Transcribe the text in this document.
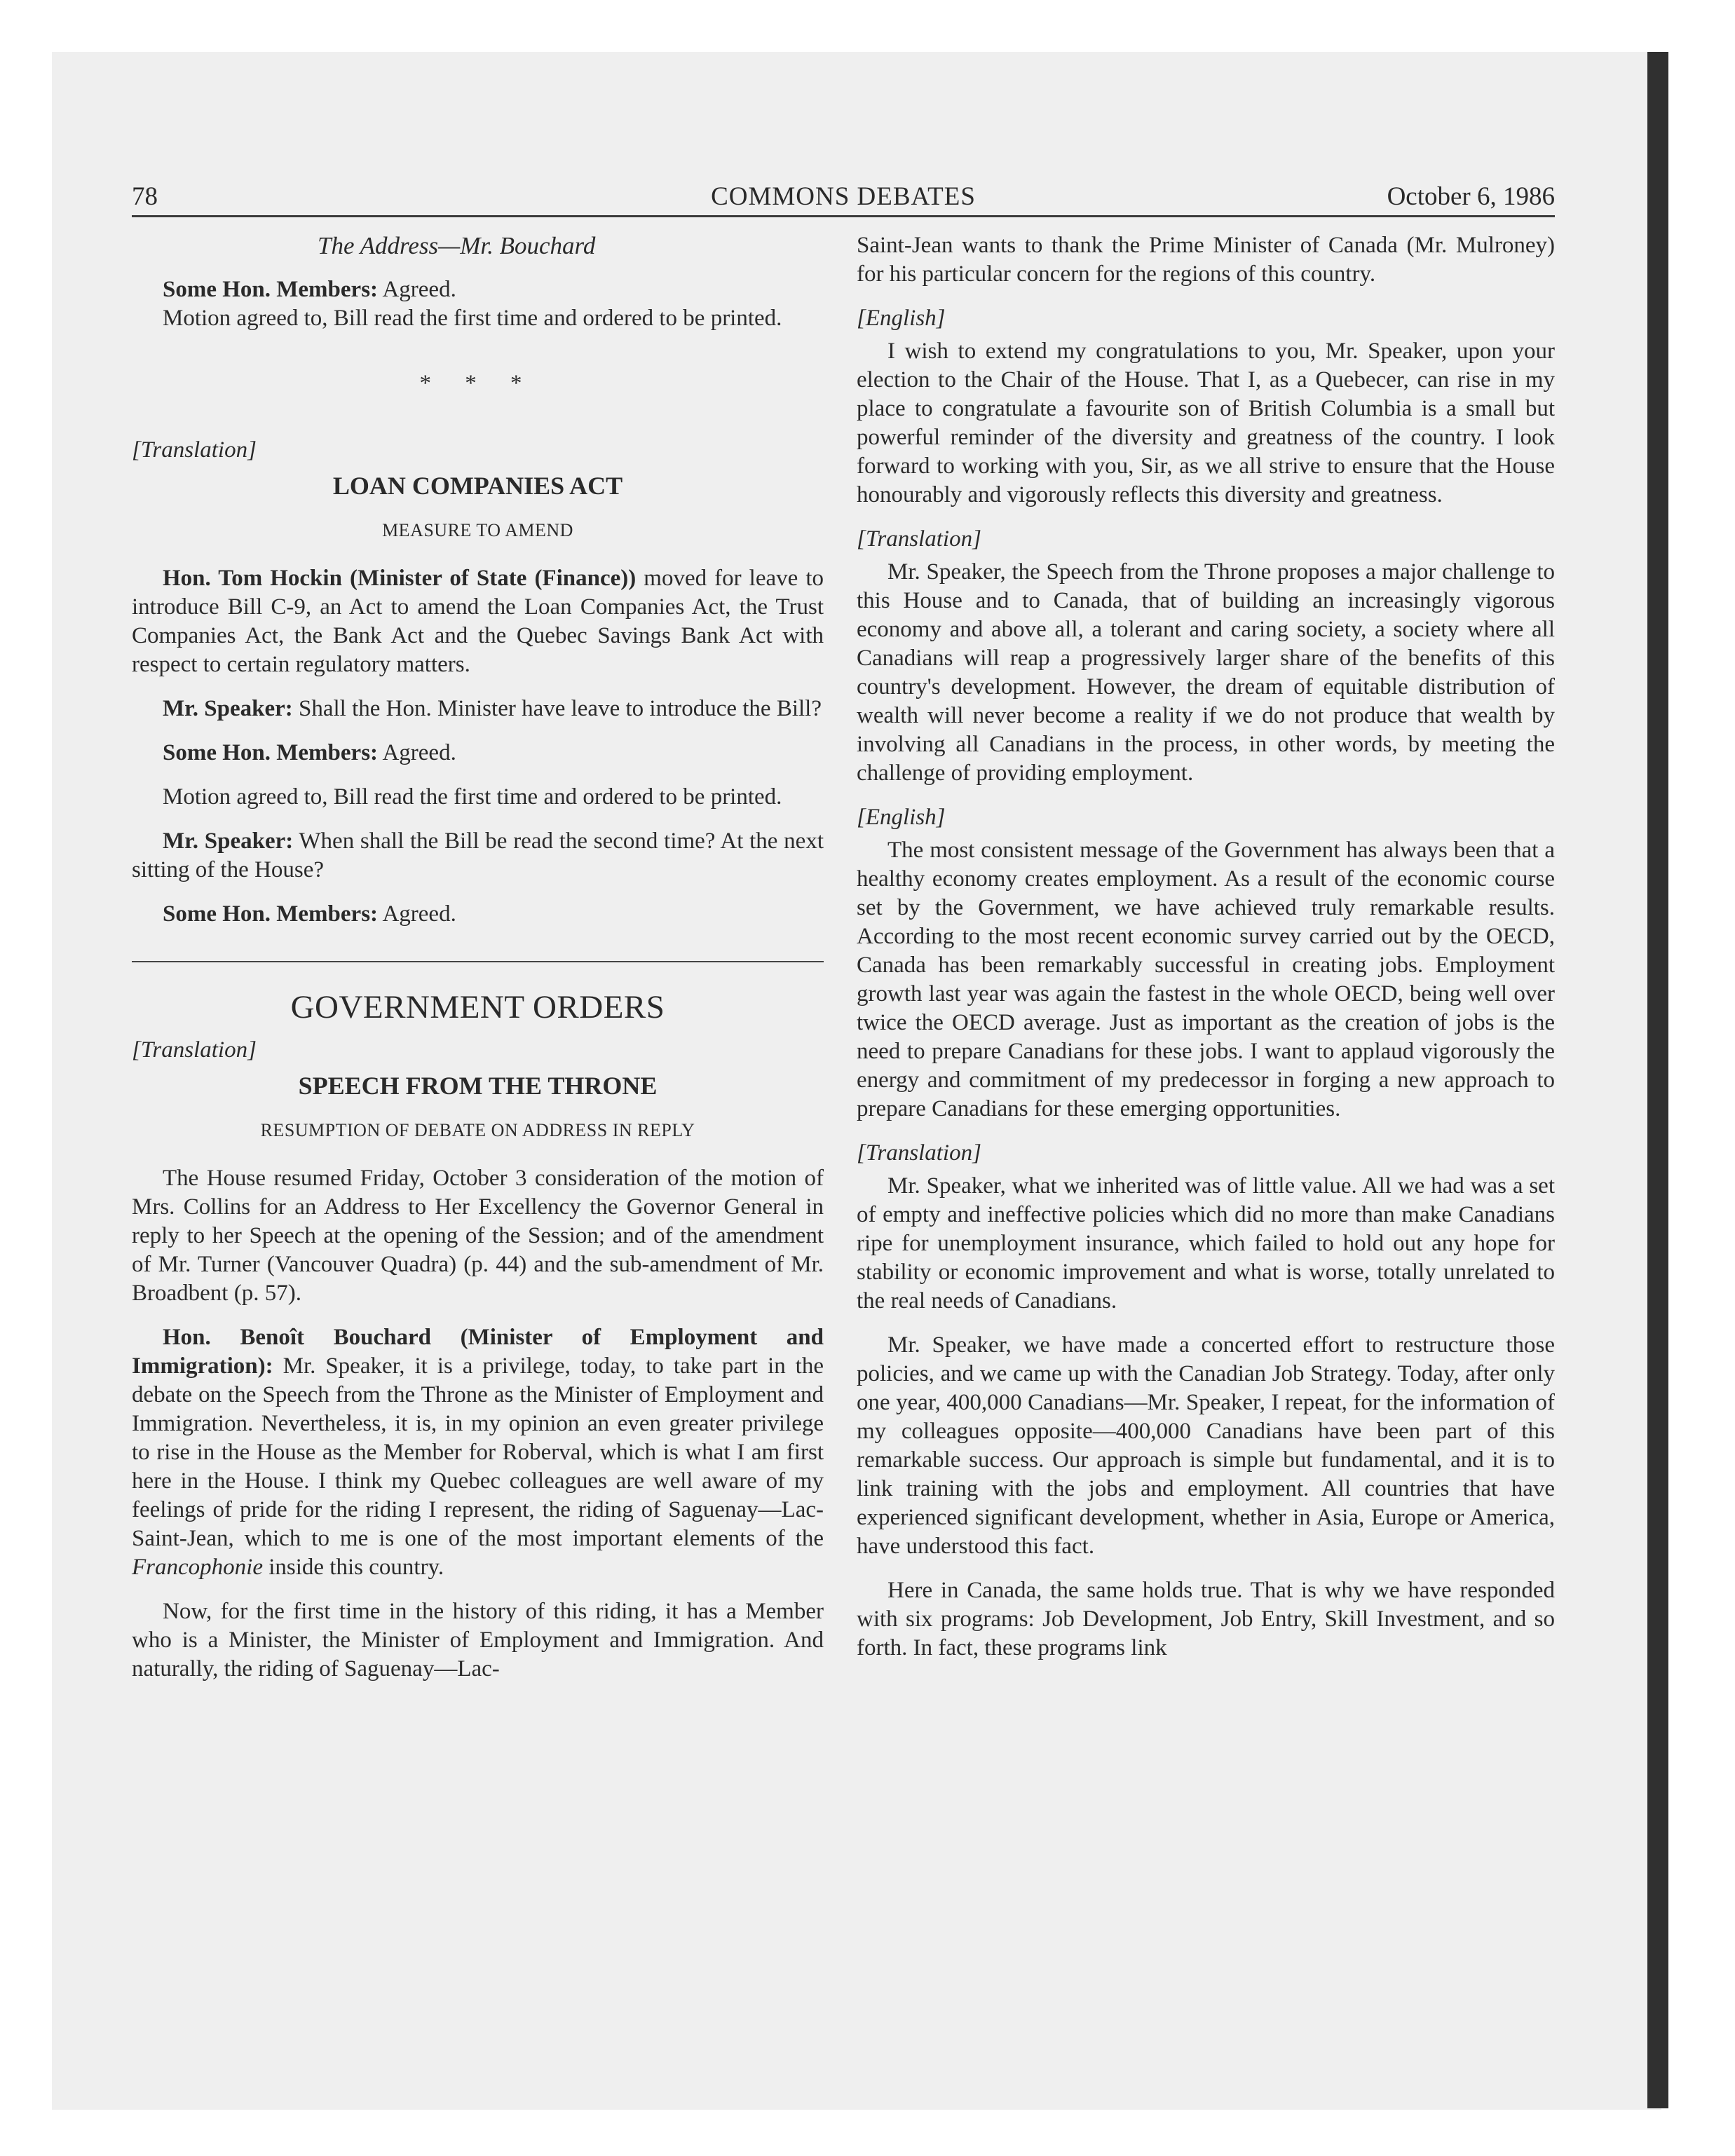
78	COMMONS DEBATES	October 6, 1986
The Address—Mr. Bouchard

Some Hon. Members: Agreed.

Motion agreed to, Bill read the first time and ordered to be printed.

* * *

[Translation]

LOAN COMPANIES ACT
MEASURE TO AMEND

Hon. Tom Hockin (Minister of State (Finance)) moved for leave to introduce Bill C-9, an Act to amend the Loan Companies Act, the Trust Companies Act, the Bank Act and the Quebec Savings Bank Act with respect to certain regulatory matters.

Mr. Speaker: Shall the Hon. Minister have leave to introduce the Bill?

Some Hon. Members: Agreed.

Motion agreed to, Bill read the first time and ordered to be printed.

Mr. Speaker: When shall the Bill be read the second time? At the next sitting of the House?

Some Hon. Members: Agreed.

GOVERNMENT ORDERS

[Translation]

SPEECH FROM THE THRONE
RESUMPTION OF DEBATE ON ADDRESS IN REPLY

The House resumed Friday, October 3 consideration of the motion of Mrs. Collins for an Address to Her Excellency the Governor General in reply to her Speech at the opening of the Session; and of the amendment of Mr. Turner (Vancouver Quadra) (p. 44) and the sub-amendment of Mr. Broadbent (p. 57).

Hon. Benoît Bouchard (Minister of Employment and Immigration): Mr. Speaker, it is a privilege, today, to take part in the debate on the Speech from the Throne as the Minister of Employment and Immigration. Nevertheless, it is, in my opinion an even greater privilege to rise in the House as the Member for Roberval, which is what I am first here in the House. I think my Quebec colleagues are well aware of my feelings of pride for the riding I represent, the riding of Saguenay—Lac-Saint-Jean, which to me is one of the most important elements of the Francophonie inside this country.

Now, for the first time in the history of this riding, it has a Member who is a Minister, the Minister of Employment and Immigration. And naturally, the riding of Saguenay—Lac-

Saint-Jean wants to thank the Prime Minister of Canada (Mr. Mulroney) for his particular concern for the regions of this country.

[English]

I wish to extend my congratulations to you, Mr. Speaker, upon your election to the Chair of the House. That I, as a Quebecer, can rise in my place to congratulate a favourite son of British Columbia is a small but powerful reminder of the diversity and greatness of the country. I look forward to working with you, Sir, as we all strive to ensure that the House honourably and vigorously reflects this diversity and greatness.

[Translation]

Mr. Speaker, the Speech from the Throne proposes a major challenge to this House and to Canada, that of building an increasingly vigorous economy and above all, a tolerant and caring society, a society where all Canadians will reap a progressively larger share of the benefits of this country's development. However, the dream of equitable distribution of wealth will never become a reality if we do not produce that wealth by involving all Canadians in the process, in other words, by meeting the challenge of providing employment.

[English]

The most consistent message of the Government has always been that a healthy economy creates employment. As a result of the economic course set by the Government, we have achieved truly remarkable results. According to the most recent economic survey carried out by the OECD, Canada has been remarkably successful in creating jobs. Employment growth last year was again the fastest in the whole OECD, being well over twice the OECD average. Just as important as the creation of jobs is the need to prepare Canadians for these jobs. I want to applaud vigorously the energy and commitment of my predecessor in forging a new approach to prepare Canadians for these emerging opportunities.

[Translation]

Mr. Speaker, what we inherited was of little value. All we had was a set of empty and ineffective policies which did no more than make Canadians ripe for unemployment insurance, which failed to hold out any hope for stability or economic improvement and what is worse, totally unrelated to the real needs of Canadians.

Mr. Speaker, we have made a concerted effort to restructure those policies, and we came up with the Canadian Job Strategy. Today, after only one year, 400,000 Canadians—Mr. Speaker, I repeat, for the information of my colleagues opposite—400,000 Canadians have been part of this remarkable success. Our approach is simple but fundamental, and it is to link training with the jobs and employment. All countries that have experienced significant development, whether in Asia, Europe or America, have understood this fact.

Here in Canada, the same holds true. That is why we have responded with six programs: Job Development, Job Entry, Skill Investment, and so forth. In fact, these programs link
